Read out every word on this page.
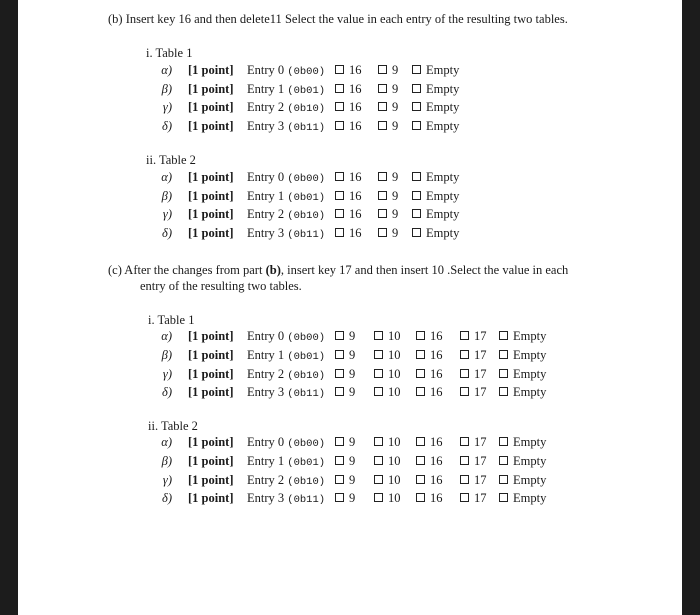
(b) Insert key 16 and then delete11 Select the value in each entry of the resulting two tables.
i. Table 1
α) [1 point] Entry 0 (0b00)	16	9	Empty
β) [1 point] Entry 1 (0b01)	16	9	Empty
γ) [1 point] Entry 2 (0b10)	16	9	Empty
δ) [1 point] Entry 3 (0b11)	16	9	Empty
ii. Table 2
α) [1 point] Entry 0 (0b00)	16	9	Empty
β) [1 point] Entry 1 (0b01)	16	9	Empty
γ) [1 point] Entry 2 (0b10)	16	9	Empty
δ) [1 point] Entry 3 (0b11)	16	9	Empty
(c) After the changes from part (b), insert key 17 and then insert 10 .Select the value in each
entry of the resulting two tables.
i. Table 1
α) [1 point] Entry 0 (0b00)	9	10	16	17	Empty
β) [1 point] Entry 1 (0b01)	9	10	16	17	Empty
γ) [1 point] Entry 2 (0b10)	9	10	16	17	Empty
δ) [1 point] Entry 3 (0b11)	9	10	16	17	Empty
ii. Table 2
α) [1 point] Entry 0 (0b00)	9	10	16	17	Empty
β) [1 point] Entry 1 (0b01)	9	10	16	17	Empty
γ) [1 point] Entry 2 (0b10)	9	10	16	17	Empty
δ) [1 point] Entry 3 (0b11)	9	10	16	17	Empty
